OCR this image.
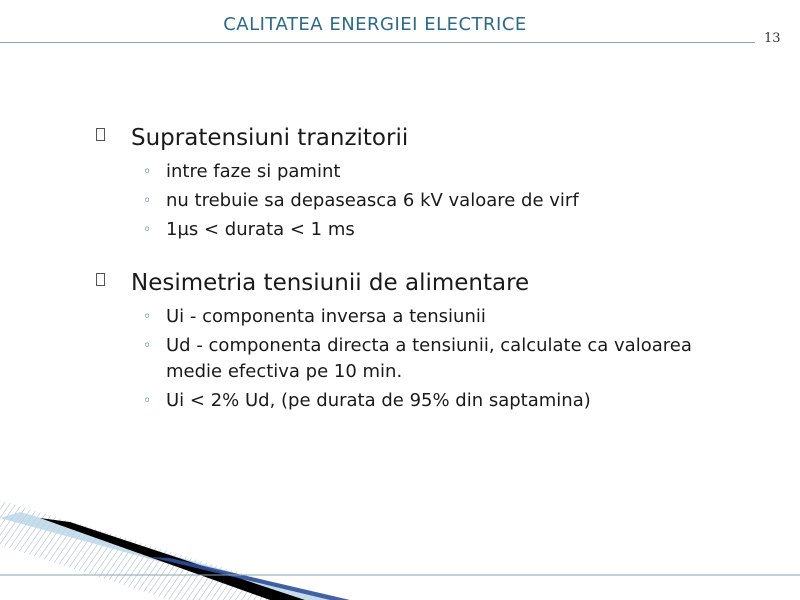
CALITATEA ENERGIEI ELECTRICE
13
Supratensiuni tranzitorii
◦ intre faze si pamint
◦ nu trebuie sa depaseasca 6 kV valoare de virf
◦ 1µs < durata < 1 ms
Nesimetria tensiunii de alimentare
◦ Ui - componenta inversa a tensiunii
◦ Ud - componenta directa a tensiunii, calculate ca valoarea medie efectiva pe 10 min.
◦ Ui < 2% Ud, (pe durata de 95% din saptamina)
